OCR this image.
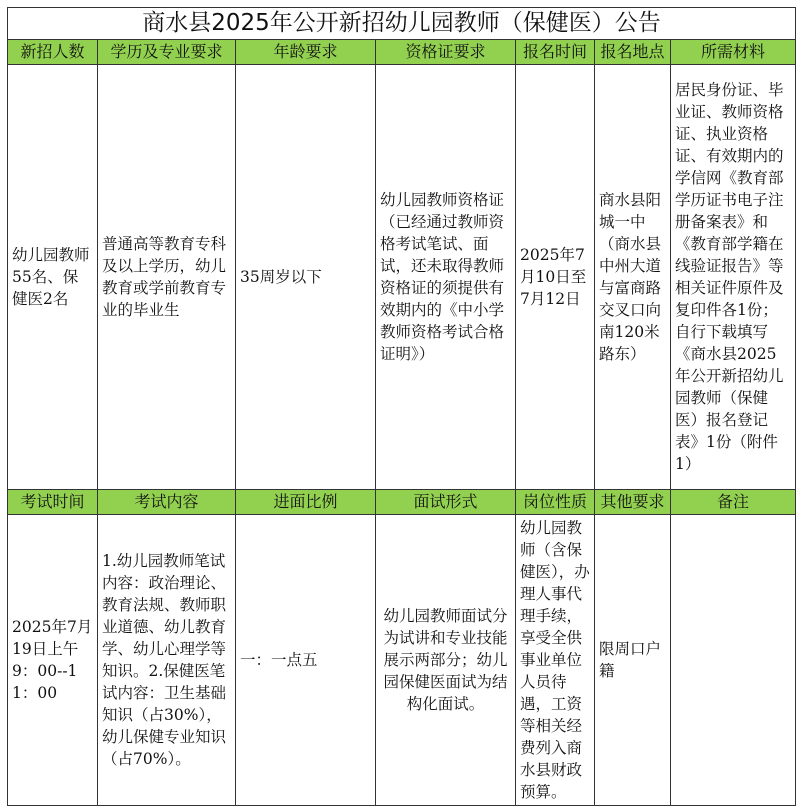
商水县2025年公开新招幼儿园教师（保健医）公告						
新招人数	学历及专业要求	年龄要求	资格证要求	报名时间	报名地点	所需材料
幼儿园教师55名、保健医2名	普通高等教育专科及以上学历，幼儿教育或学前教育专业的毕业生	35周岁以下	幼儿园教师资格证（已经通过教师资格考试笔试、面试，还未取得教师资格证的须提供有效期内的《中小学教师资格考试合格证明》）	2025年7月10日至7月12日	商水县阳城一中（商水县中州大道与富商路交叉口向南120米路东）	居民身份证、毕业证、教师资格证、执业资格证、有效期内的学信网《教育部学历证书电子注册备案表》和《教育部学籍在线验证报告》等相关证件原件及复印件各1份；自行下载填写《商水县2025年公开新招幼儿园教师（保健医）报名登记表》1份（附件1）
考试时间	考试内容	进面比例	面试形式	岗位性质	其他要求	备注
2025年7月19日上午9：00--11：00	1.幼儿园教师笔试内容：政治理论、教育法规、教师职业道德、幼儿教育学、幼儿心理学等知识。2.保健医笔试内容：卫生基础知识（占30%），幼儿保健专业知识（占70%）。	一：一点五	幼儿园教师面试分为试讲和专业技能展示两部分；幼儿园保健医面试为结构化面试。	幼儿园教师（含保健医），办理人事代理手续，享受全供事业单位人员待遇，工资等相关经费列入商水县财政预算。	限周口户籍	
